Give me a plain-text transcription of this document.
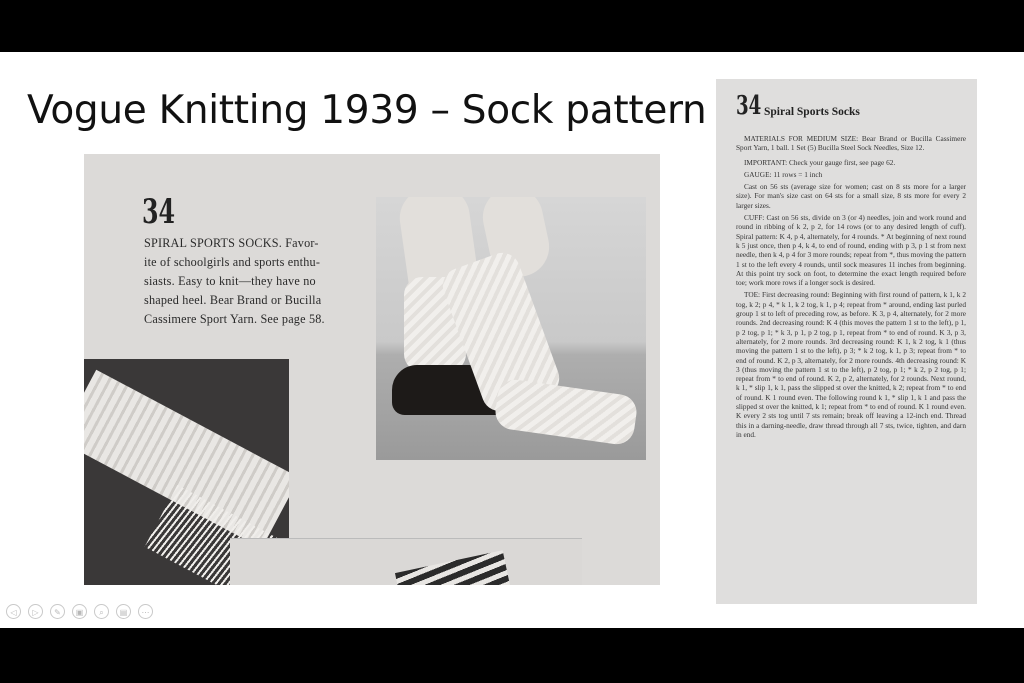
Vogue Knitting 1939 – Sock pattern
34
SPIRAL SPORTS SOCKS. Favor-
ite of schoolgirls and sports enthu-
siasts. Easy to knit—they have no
shaped heel. Bear Brand or Bucilla
Cassimere Sport Yarn. See page 58.
34 Spiral Sports Socks

MATERIALS FOR MEDIUM SIZE: Bear Brand or Bucilla Cassimere Sport Yarn, 1 ball. 1 Set (5) Bucilla Steel Sock Needles, Size 12.

IMPORTANT: Check your gauge first, see page 62.

GAUGE: 11 rows = 1 inch

Cast on 56 sts (average size for women; cast on 8 sts more for a larger size). For man's size cast on 64 sts for a small size, 8 sts more for every 2 larger sizes.

CUFF: Cast on 56 sts, divide on 3 (or 4) needles, join and work round and round in ribbing of k 2, p 2, for 14 rows (or to any desired length of cuff). Spiral pattern: K 4, p 4, alternately, for 4 rounds. * At beginning of next round k 5 just once, then p 4, k 4, to end of round, ending with p 3, p 1 st from next needle, then k 4, p 4 for 3 more rounds; repeat from *, thus moving the pattern 1 st to the left every 4 rounds, until sock measures 11 inches from beginning. At this point try sock on foot, to determine the exact length required before toe; work more rows if a longer sock is desired.

TOE: First decreasing round: Beginning with first round of pattern, k 1, k 2 tog, k 2; p 4, * k 1, k 2 tog, k 1, p 4; repeat from * around, ending last purled group 1 st to left of preceding row, as before. K 3, p 4, alternately, for 2 more rounds. 2nd decreasing round: K 4 (this moves the pattern 1 st to the left), p 1, p 2 tog, p 1; * k 3, p 1, p 2 tog, p 1, repeat from * to end of round. K 3, p 3, alternately, for 2 more rounds. 3rd decreasing round: K 1, k 2 tog, k 1 (thus moving the pattern 1 st to the left), p 3; * k 2 tog, k 1, p 3; repeat from * to end of round. K 2, p 3, alternately, for 2 more rounds. 4th decreasing round: K 3 (thus moving the pattern 1 st to the left), p 2 tog, p 1; * k 2, p 2 tog, p 1; repeat from * to end of round. K 2, p 2, alternately, for 2 rounds. Next round, k 1, * slip 1, k 1, pass the slipped st over the knitted, k 2; repeat from * to end of round. K 1 round even. The following round k 1, * slip 1, k 1 and pass the slipped st over the knitted, k 1; repeat from * to end of round. K 1 round even. K every 2 sts tog until 7 sts remain; break off leaving a 12-inch end. Thread this in a darning-needle, draw thread through all 7 sts, twice, tighten, and darn in end.

◁	▷	✎	▣	⌕	▤	⋯
